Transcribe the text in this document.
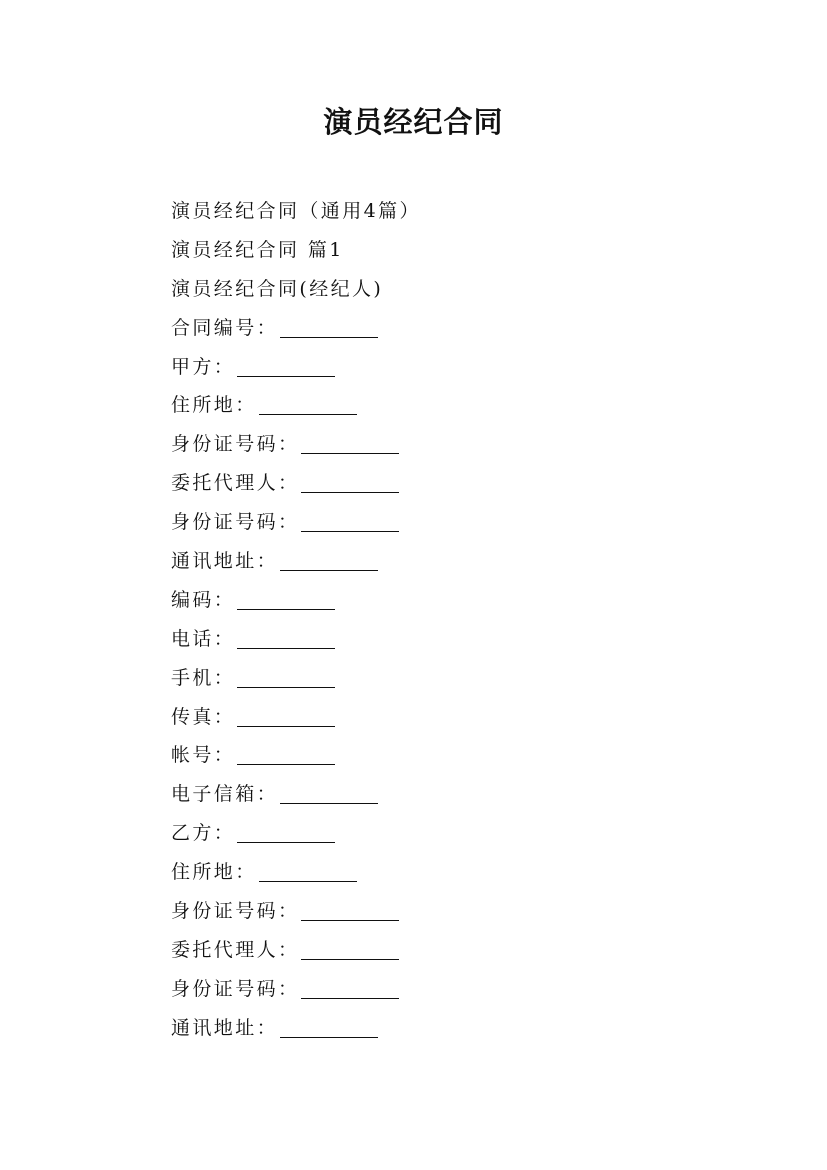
演员经纪合同
演员经纪合同（通用4篇）
演员经纪合同 篇1
演员经纪合同(经纪人)
合同编号：
甲方：
住所地：
身份证号码：
委托代理人：
身份证号码：
通讯地址：
编码：
电话：
手机：
传真：
帐号：
电子信箱：
乙方：
住所地：
身份证号码：
委托代理人：
身份证号码：
通讯地址：
